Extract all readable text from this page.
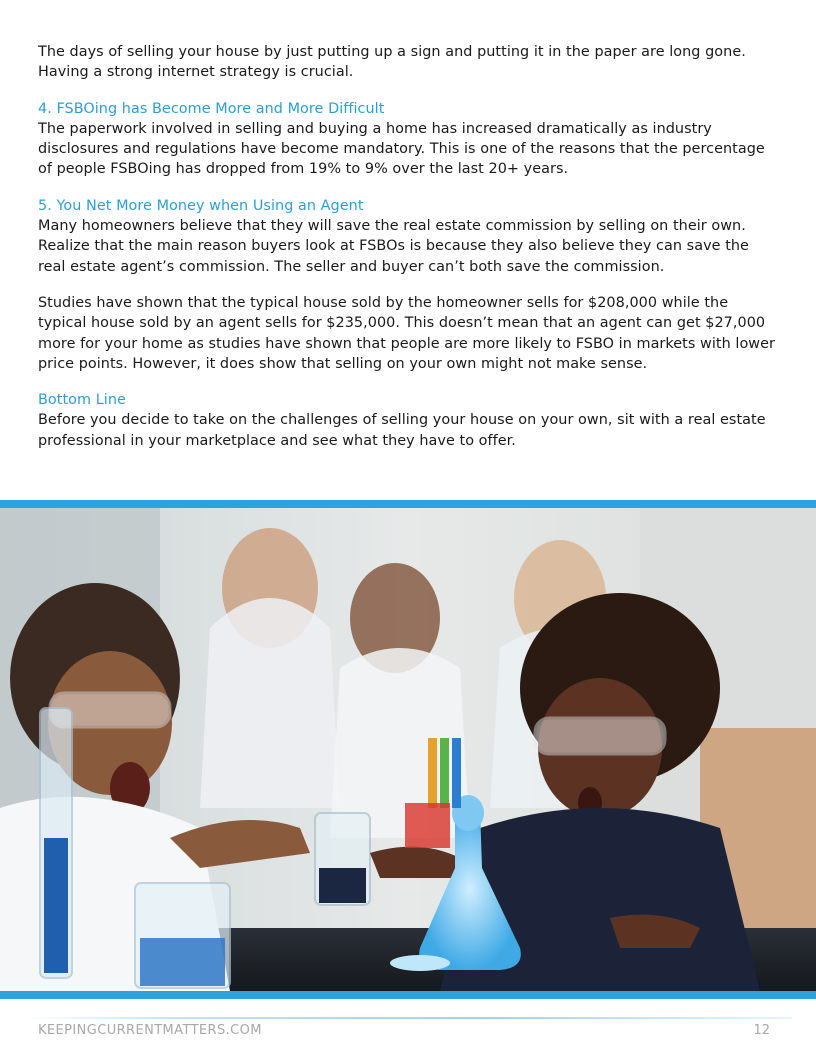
The days of selling your house by just putting up a sign and putting it in the paper are long gone. Having a strong internet strategy is crucial.

4. FSBOing has Become More and More Difficult
The paperwork involved in selling and buying a home has increased dramatically as industry disclosures and regulations have become mandatory. This is one of the reasons that the percentage of people FSBOing has dropped from 19% to 9% over the last 20+ years.
5. You Net More Money when Using an Agent
Many homeowners believe that they will save the real estate commission by selling on their own. Realize that the main reason buyers look at FSBOs is because they also believe they can save the real estate agent’s commission. The seller and buyer can’t both save the commission.

Studies have shown that the typical house sold by the homeowner sells for $208,000 while the typical house sold by an agent sells for $235,000. This doesn’t mean that an agent can get $27,000 more for your home as studies have shown that people are more likely to FSBO in markets with lower price points. However, it does show that selling on your own might not make sense.

Bottom Line
Before you decide to take on the challenges of selling your house on your own, sit with a real estate professional in your marketplace and see what they have to offer.
KEEPINGCURRENTMATTERS.COM	12
